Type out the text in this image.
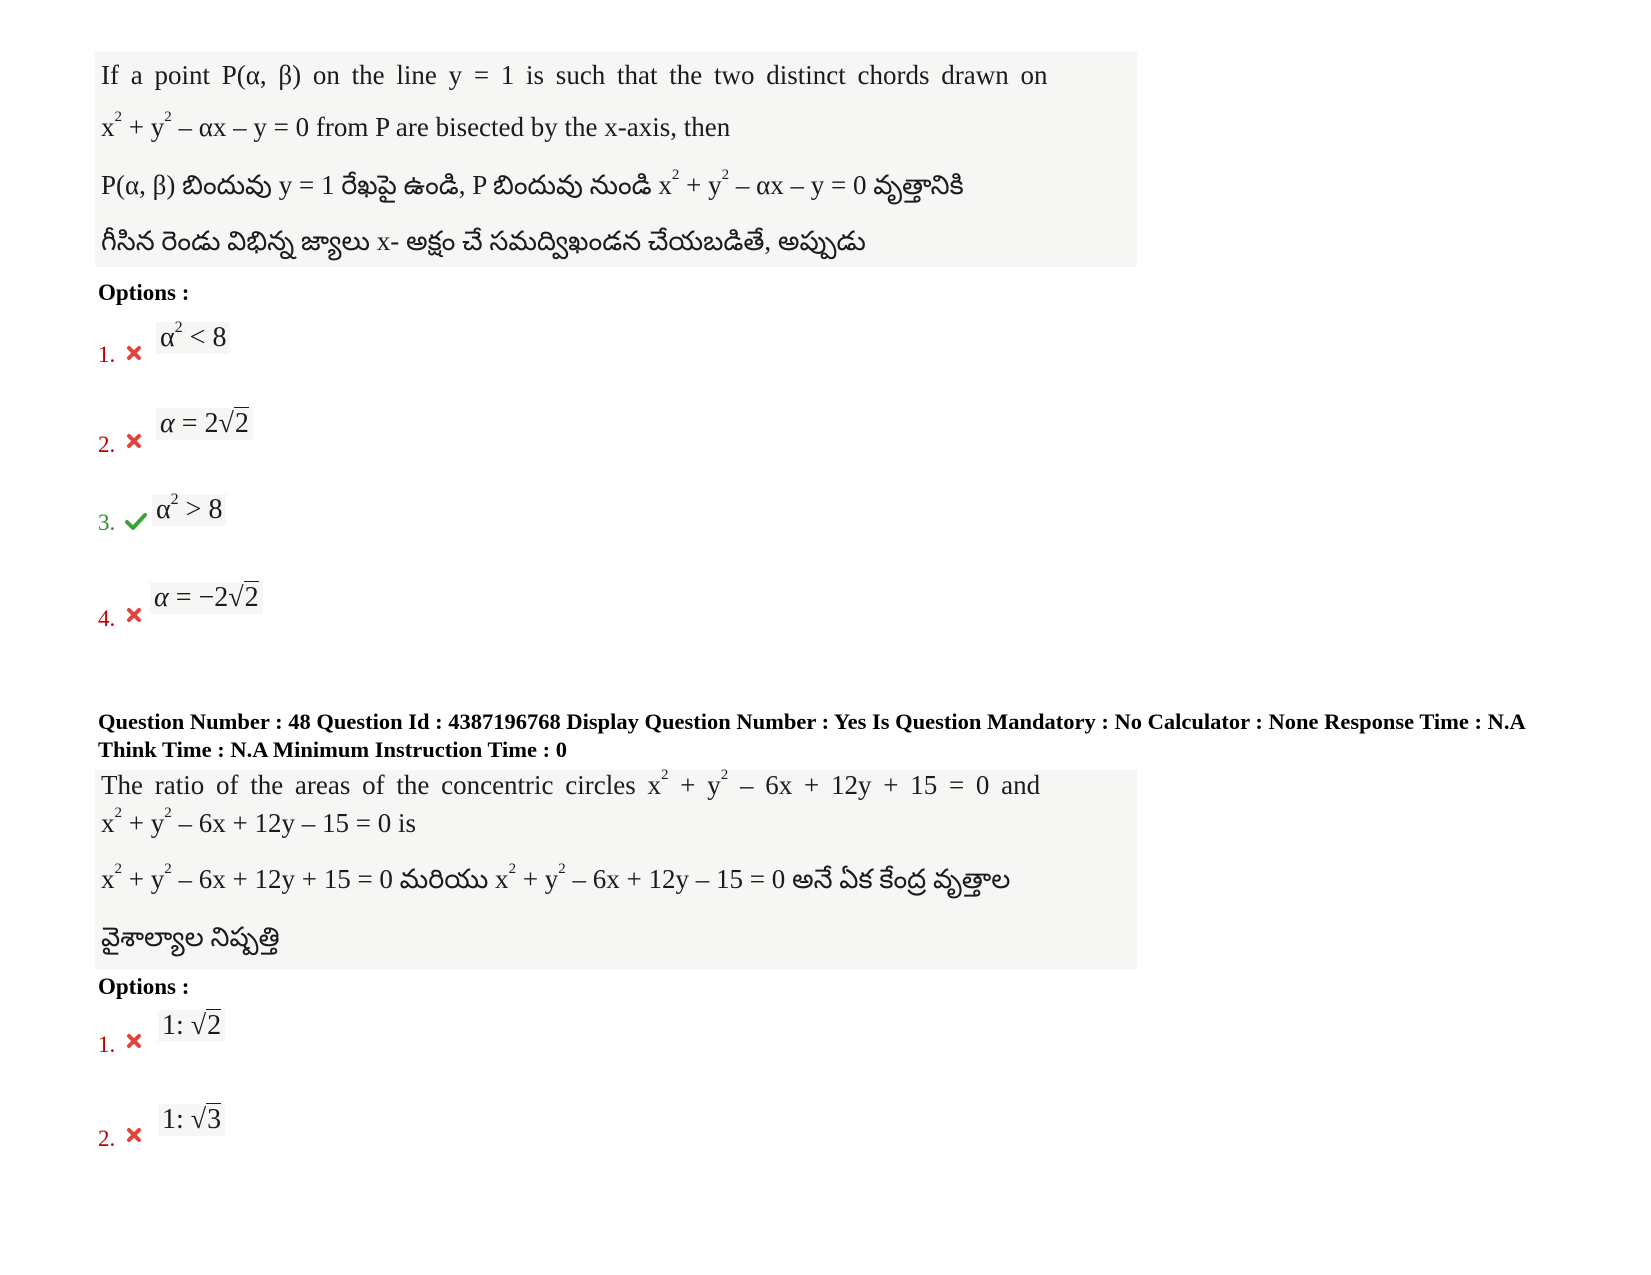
If a point P(α, β) on the line y = 1 is such that the two distinct chords drawn on
$x^2 + y^2 - \alpha x - y = 0$ from P are bisected by the x-axis, then
P(α, β) బిందువు y = 1 రేఖపై ఉండి, P బిందువు నుండి $x^2 + y^2 - \alpha x - y = 0$ వృత్తానికి
గీసిన రెండు విభిన్న జ్యాలు x- అక్షం చే సమద్విఖండన చేయబడితే, అప్పుడు
Options :
1.
$\alpha^2 < 8$
2.
α = 2√2
3. $\alpha^2 > 8$
4.
α = −2√2
Question Number : 48 Question Id : 4387196768 Display Question Number : Yes Is Question Mandatory : No Calculator : None Response Time : N.A Think Time : N.A Minimum Instruction Time : 0
The ratio of the areas of the concentric circles $x^2 + y^2 - 6x + 12y + 15 = 0$ and
$x^2 + y^2 - 6x + 12y - 15 = 0$ is
$x^2 + y^2 - 6x + 12y + 15 = 0$ మరియు $x^2 + y^2 - 6x + 12y - 15 = 0$ అనే ఏక కేంద్ర వృత్తాల
వైశాల్యాల నిష్పత్తి
Options :
1.
1: √2
2.
1: √3
